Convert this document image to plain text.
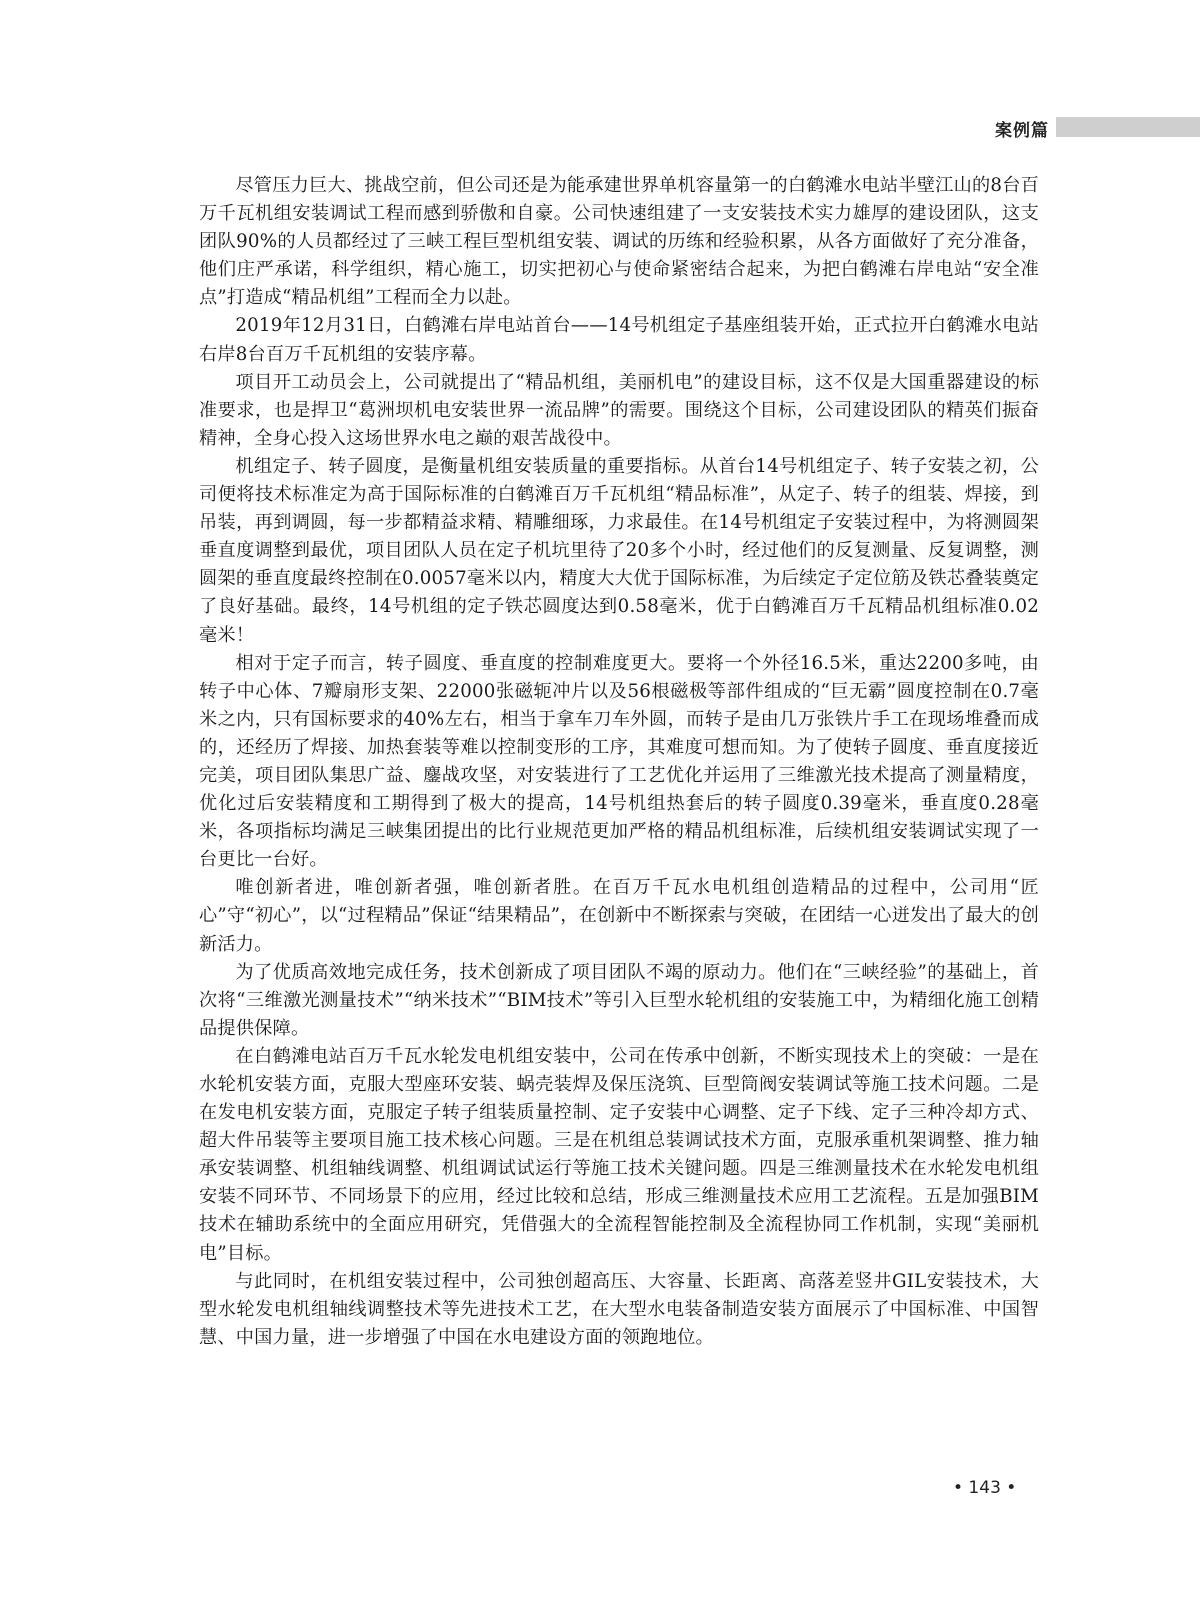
案例篇

尽管压力巨大、挑战空前，但公司还是为能承建世界单机容量第一的白鹤滩水电站半壁江山的8台百万千瓦机组安装调试工程而感到骄傲和自豪。公司快速组建了一支安装技术实力雄厚的建设团队，这支团队90%的人员都经过了三峡工程巨型机组安装、调试的历练和经验积累，从各方面做好了充分准备，他们庄严承诺，科学组织，精心施工，切实把初心与使命紧密结合起来，为把白鹤滩右岸电站“安全准点”打造成“精品机组”工程而全力以赴。

2019年12月31日，白鹤滩右岸电站首台——14号机组定子基座组装开始，正式拉开白鹤滩水电站右岸8台百万千瓦机组的安装序幕。

项目开工动员会上，公司就提出了“精品机组，美丽机电”的建设目标，这不仅是大国重器建设的标准要求，也是捍卫“葛洲坝机电安装世界一流品牌”的需要。围绕这个目标，公司建设团队的精英们振奋精神，全身心投入这场世界水电之巅的艰苦战役中。

机组定子、转子圆度，是衡量机组安装质量的重要指标。从首台14号机组定子、转子安装之初，公司便将技术标准定为高于国际标准的白鹤滩百万千瓦机组“精品标准”，从定子、转子的组装、焊接，到吊装，再到调圆，每一步都精益求精、精雕细琢，力求最佳。在14号机组定子安装过程中，为将测圆架垂直度调整到最优，项目团队人员在定子机坑里待了20多个小时，经过他们的反复测量、反复调整，测圆架的垂直度最终控制在0.0057毫米以内，精度大大优于国际标准，为后续定子定位筋及铁芯叠装奠定了良好基础。最终，14号机组的定子铁芯圆度达到0.58毫米，优于白鹤滩百万千瓦精品机组标准0.02毫米！

相对于定子而言，转子圆度、垂直度的控制难度更大。要将一个外径16.5米，重达2200多吨，由转子中心体、7瓣扇形支架、22000张磁轭冲片以及56根磁极等部件组成的“巨无霸”圆度控制在0.7毫米之内，只有国标要求的40%左右，相当于拿车刀车外圆，而转子是由几万张铁片手工在现场堆叠而成的，还经历了焊接、加热套装等难以控制变形的工序，其难度可想而知。为了使转子圆度、垂直度接近完美，项目团队集思广益、鏖战攻坚，对安装进行了工艺优化并运用了三维激光技术提高了测量精度，优化过后安装精度和工期得到了极大的提高，14号机组热套后的转子圆度0.39毫米，垂直度0.28毫米，各项指标均满足三峡集团提出的比行业规范更加严格的精品机组标准，后续机组安装调试实现了一台更比一台好。

唯创新者进，唯创新者强，唯创新者胜。在百万千瓦水电机组创造精品的过程中，公司用“匠心”守“初心”，以“过程精品”保证“结果精品”，在创新中不断探索与突破，在团结一心迸发出了最大的创新活力。

为了优质高效地完成任务，技术创新成了项目团队不竭的原动力。他们在“三峡经验”的基础上，首次将“三维激光测量技术”“纳米技术”“BIM技术”等引入巨型水轮机组的安装施工中，为精细化施工创精品提供保障。

在白鹤滩电站百万千瓦水轮发电机组安装中，公司在传承中创新，不断实现技术上的突破：一是在水轮机安装方面，克服大型座环安装、蜗壳装焊及保压浇筑、巨型筒阀安装调试等施工技术问题。二是在发电机安装方面，克服定子转子组装质量控制、定子安装中心调整、定子下线、定子三种冷却方式、超大件吊装等主要项目施工技术核心问题。三是在机组总装调试技术方面，克服承重机架调整、推力轴承安装调整、机组轴线调整、机组调试试运行等施工技术关键问题。四是三维测量技术在水轮发电机组安装不同环节、不同场景下的应用，经过比较和总结，形成三维测量技术应用工艺流程。五是加强BIM技术在辅助系统中的全面应用研究，凭借强大的全流程智能控制及全流程协同工作机制，实现“美丽机电”目标。

与此同时，在机组安装过程中，公司独创超高压、大容量、长距离、高落差竖井GIL安装技术，大型水轮发电机组轴线调整技术等先进技术工艺，在大型水电装备制造安装方面展示了中国标准、中国智慧、中国力量，进一步增强了中国在水电建设方面的领跑地位。

• 143 •
